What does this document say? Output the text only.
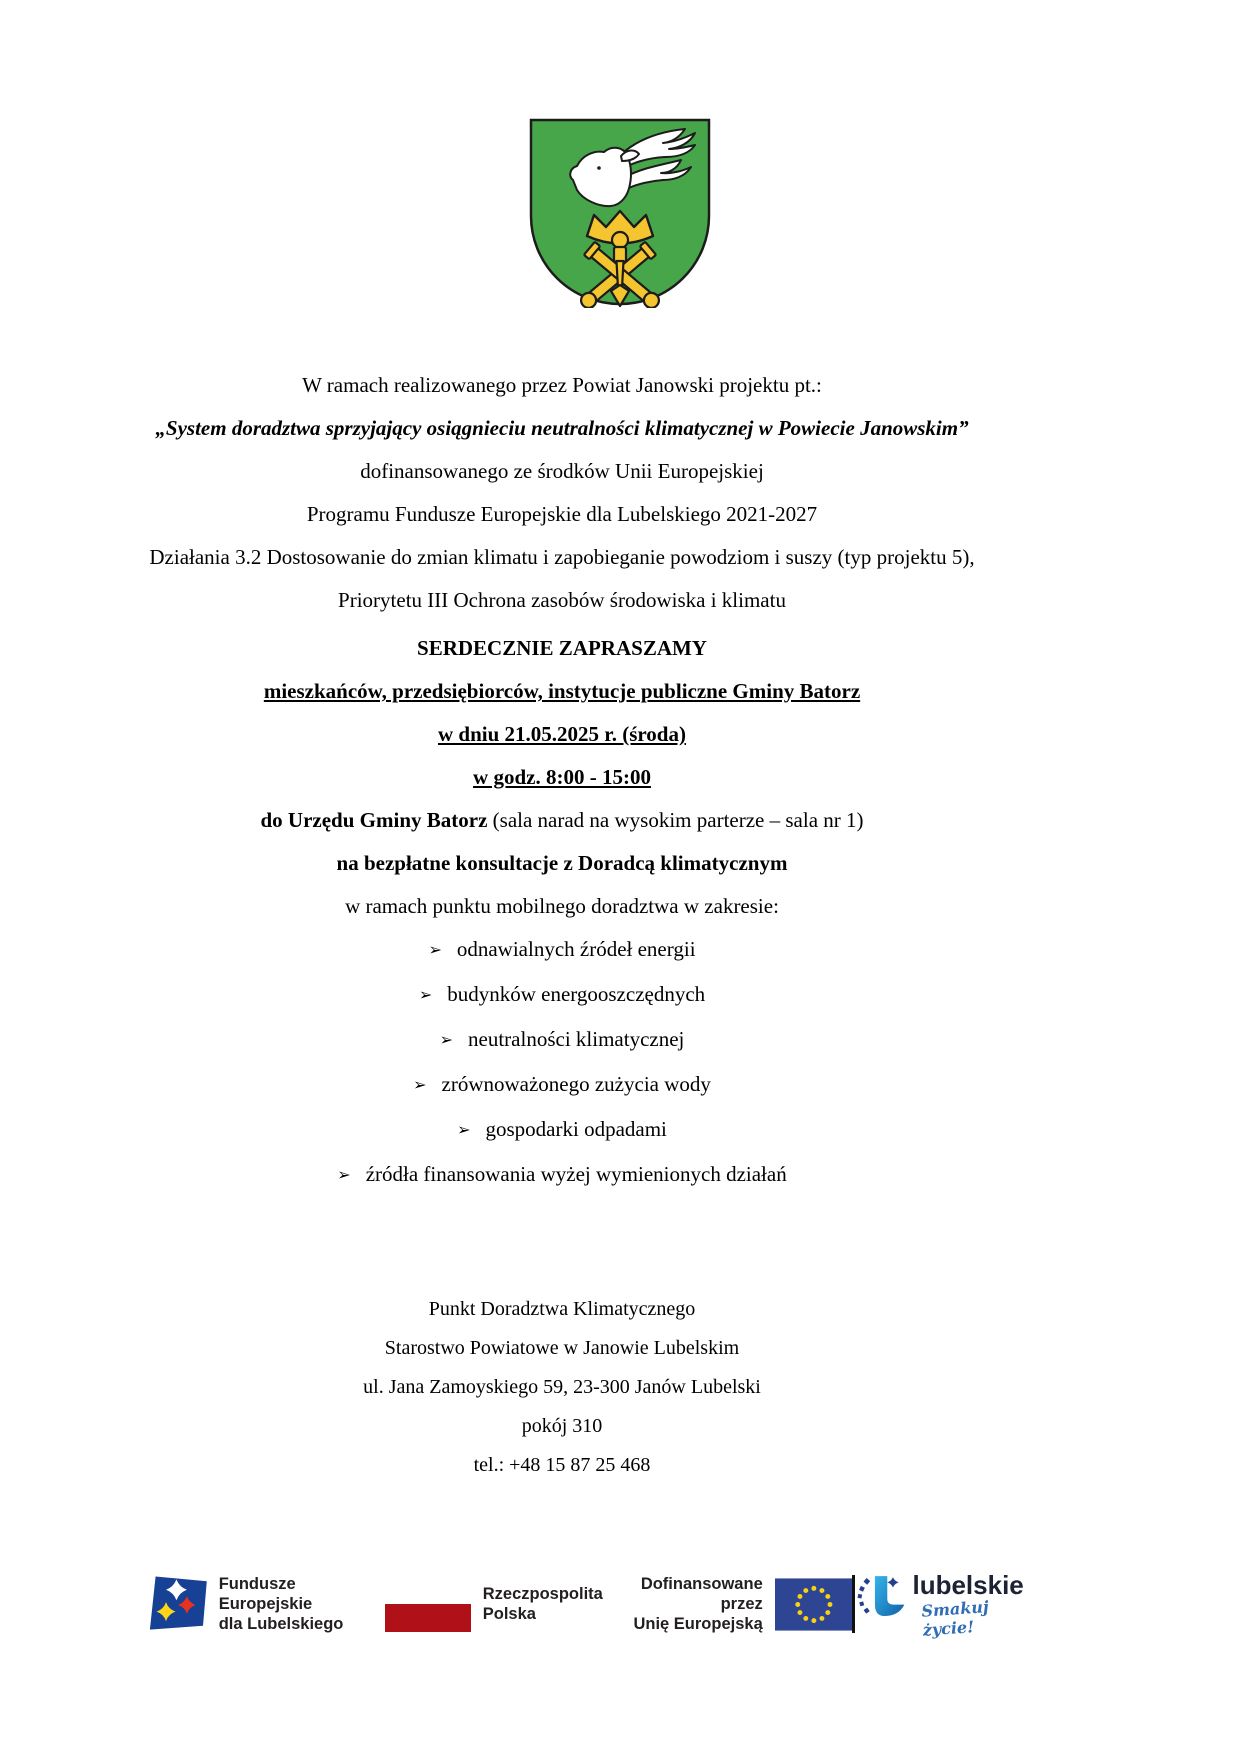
W ramach realizowanego przez Powiat Janowski projektu pt.:

„System doradztwa sprzyjający osiągnieciu neutralności klimatycznej w Powiecie Janowskim”

dofinansowanego ze środków Unii Europejskiej

Programu Fundusze Europejskie dla Lubelskiego 2021-2027

Działania 3.2 Dostosowanie do zmian klimatu i zapobieganie powodziom i suszy (typ projektu 5),

Priorytetu III Ochrona zasobów środowiska i klimatu

SERDECZNIE ZAPRASZAMY

mieszkańców, przedsiębiorców, instytucje publiczne Gminy Batorz

w dniu 21.05.2025 r. (środa)

w godz. 8:00 - 15:00

do Urzędu Gminy Batorz (sala narad na wysokim parterze – sala nr 1)

na bezpłatne konsultacje z Doradcą klimatycznym

w ramach punktu mobilnego doradztwa w zakresie:

➢ odnawialnych źródeł energii

➢ budynków energooszczędnych

➢ neutralności klimatycznej

➢ zrównoważonego zużycia wody

➢ gospodarki odpadami

➢ źródła finansowania wyżej wymienionych działań

Punkt Doradztwa Klimatycznego

Starostwo Powiatowe w Janowie Lubelskim

ul. Jana Zamoyskiego 59, 23-300 Janów Lubelski

pokój 310

tel.: +48 15 87 25 468

Fundusze Europejskie
dla Lubelskiego
Rzeczpospolita
Polska
Dofinansowane przez
Unię Europejską
lubelskie
Smakuj życie!
